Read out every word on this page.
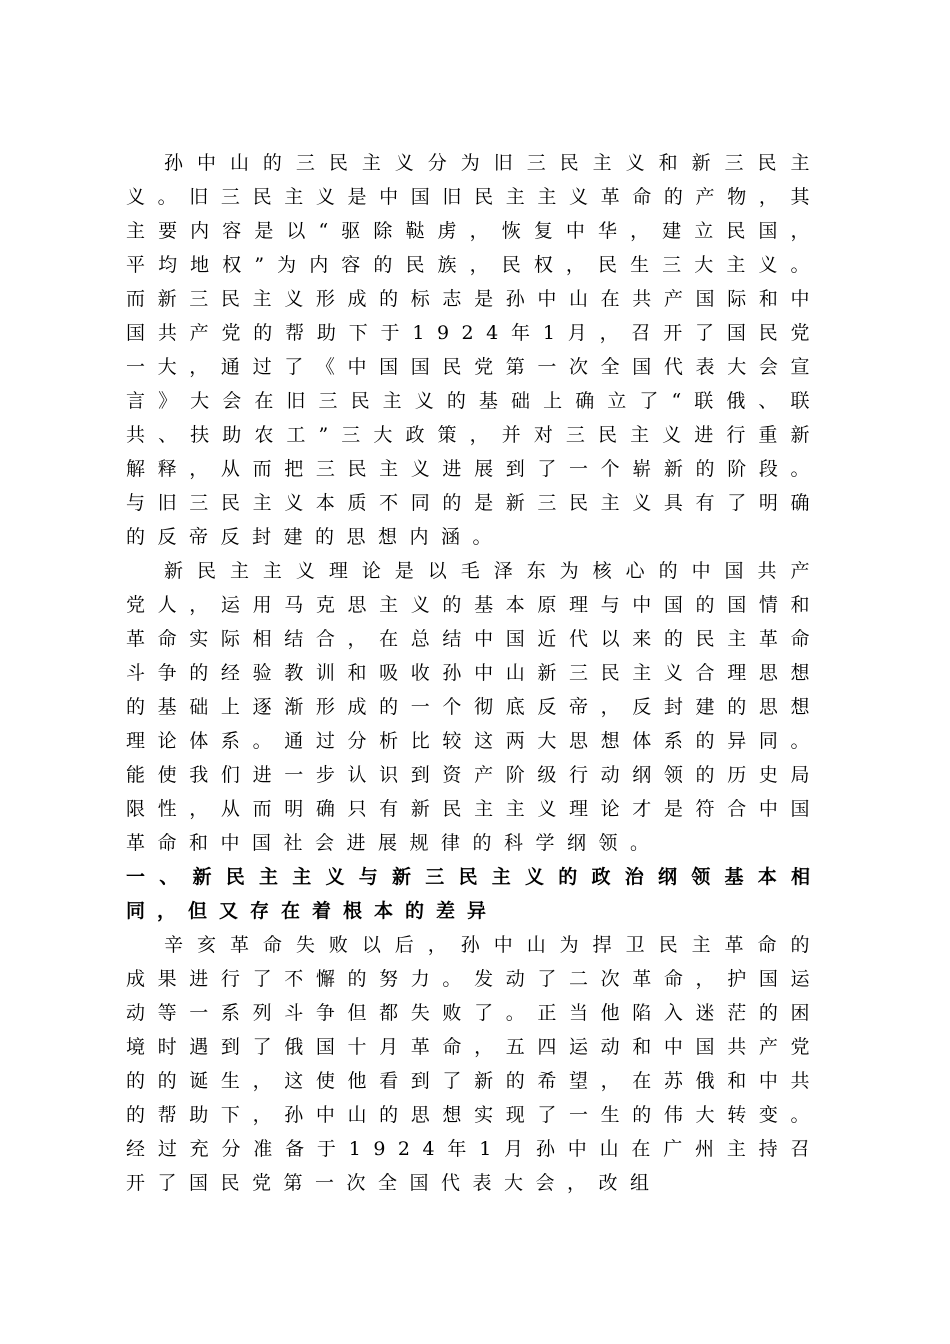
孙中山的三民主义分为旧三民主义和新三民主义。旧三民主义是中国旧民主主义革命的产物，其主要内容是以“驱除鞑虏，恢复中华，建立民国，平均地权”为内容的民族，民权，民生三大主义。而新三民主义形成的标志是孙中山在共产国际和中国共产党的帮助下于1924年1月，召开了国民党一大，通过了《中国国民党第一次全国代表大会宣言》大会在旧三民主义的基础上确立了“联俄、联共、扶助农工”三大政策，并对三民主义进行重新解释，从而把三民主义进展到了一个崭新的阶段。与旧三民主义本质不同的是新三民主义具有了明确的反帝反封建的思想内涵。

新民主主义理论是以毛泽东为核心的中国共产党人，运用马克思主义的基本原理与中国的国情和革命实际相结合，在总结中国近代以来的民主革命斗争的经验教训和吸收孙中山新三民主义合理思想的基础上逐渐形成的一个彻底反帝，反封建的思想理论体系。通过分析比较这两大思想体系的异同。能使我们进一步认识到资产阶级行动纲领的历史局限性，从而明确只有新民主主义理论才是符合中国革命和中国社会进展规律的科学纲领。

一、新民主主义与新三民主义的政治纲领基本相同，但又存在着根本的差异

辛亥革命失败以后，孙中山为捍卫民主革命的成果进行了不懈的努力。发动了二次革命，护国运动等一系列斗争但都失败了。正当他陷入迷茫的困境时遇到了俄国十月革命，五四运动和中国共产党的的诞生，这使他看到了新的希望，在苏俄和中共的帮助下，孙中山的思想实现了一生的伟大转变。经过充分准备于1924年1月孙中山在广州主持召开了国民党第一次全国代表大会，改组
